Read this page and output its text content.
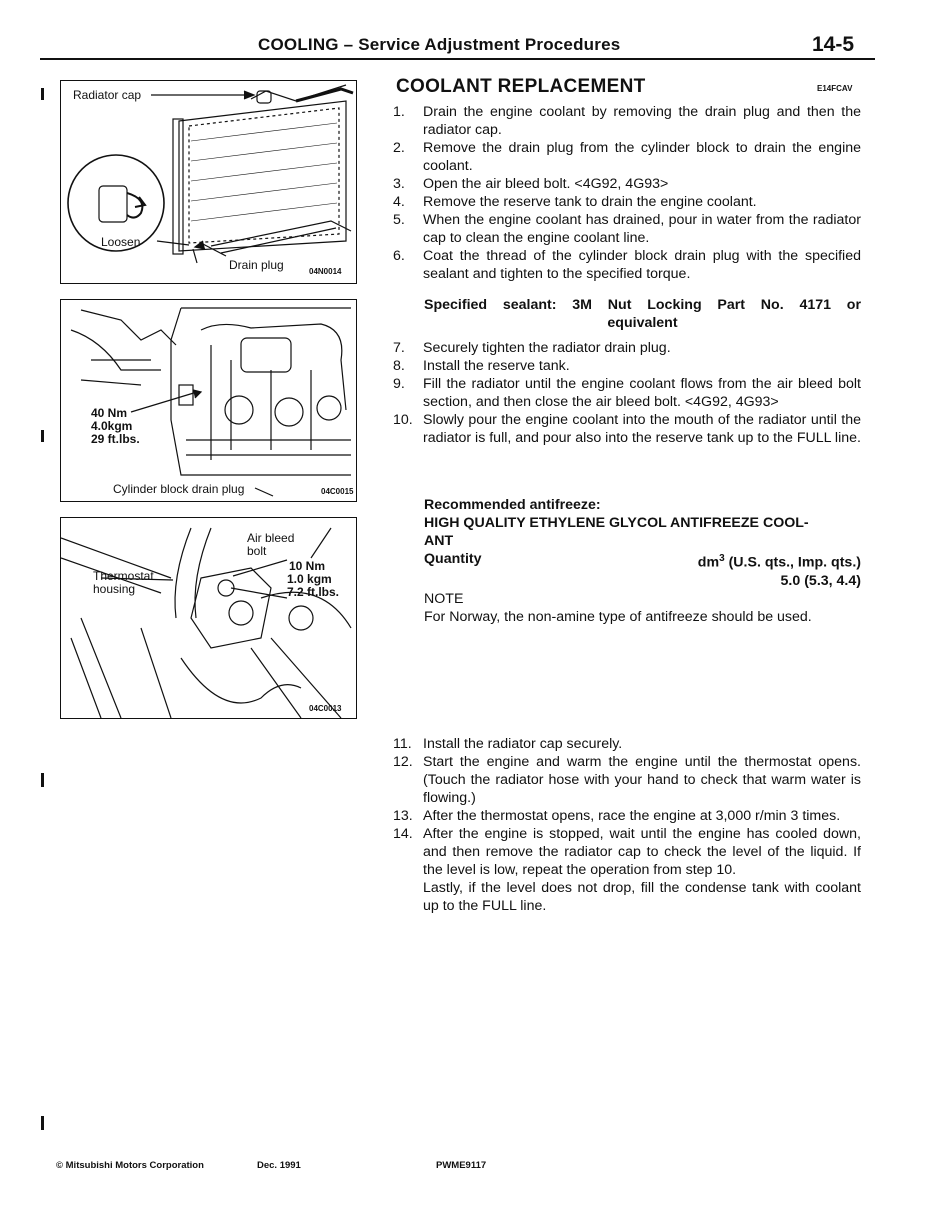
COOLING – Service Adjustment Procedures	14-5
Radiator cap
Loosen
Drain plug	04N0014
40 Nm
4.0kgm
29 ft.lbs.
Cylinder block drain plug	04C0015
Air bleed
bolt
Thermostat
housing
10 Nm
1.0 kgm
7.2 ft.lbs.
04C0013
COOLANT REPLACEMENT	E14FCAV
1.	Drain the engine coolant by removing the drain plug and then the radiator cap.
2.	Remove the drain plug from the cylinder block to drain the engine coolant.
3.	Open the air bleed bolt. <4G92, 4G93>
4.	Remove the reserve tank to drain the engine coolant.
5.	When the engine coolant has drained, pour in water from the radiator cap to clean the engine coolant line.
6.	Coat the thread of the cylinder block drain plug with the specified sealant and tighten to the specified torque.
Specified sealant: 3M Nut Locking Part No. 4171 or
equivalent
7.	Securely tighten the radiator drain plug.
8.	Install the reserve tank.
9.	Fill the radiator until the engine coolant flows from the air bleed bolt section, and then close the air bleed bolt. <4G92, 4G93>
10. Slowly pour the engine coolant into the mouth of the radiator until the radiator is full, and pour also into the reserve tank up to the FULL line.
Recommended antifreeze:
HIGH QUALITY ETHYLENE GLYCOL ANTIFREEZE COOL-
ANT
Quantity	$dm^3$ (U.S. qts., Imp. qts.)
5.0 (5.3, 4.4)
NOTE
For Norway, the non-amine type of antifreeze should be used.
11. Install the radiator cap securely.
12. Start the engine and warm the engine until the thermostat opens. (Touch the radiator hose with your hand to check that warm water is flowing.)
13. After the thermostat opens, race the engine at 3,000 r/min 3 times.
14. After the engine is stopped, wait until the engine has cooled down, and then remove the radiator cap to check the level of the liquid. If the level is low, repeat the operation from step 10.
Lastly, if the level does not drop, fill the condense tank with coolant up to the FULL line.
© Mitsubishi Motors Corporation	Dec. 1991	PWME9117
